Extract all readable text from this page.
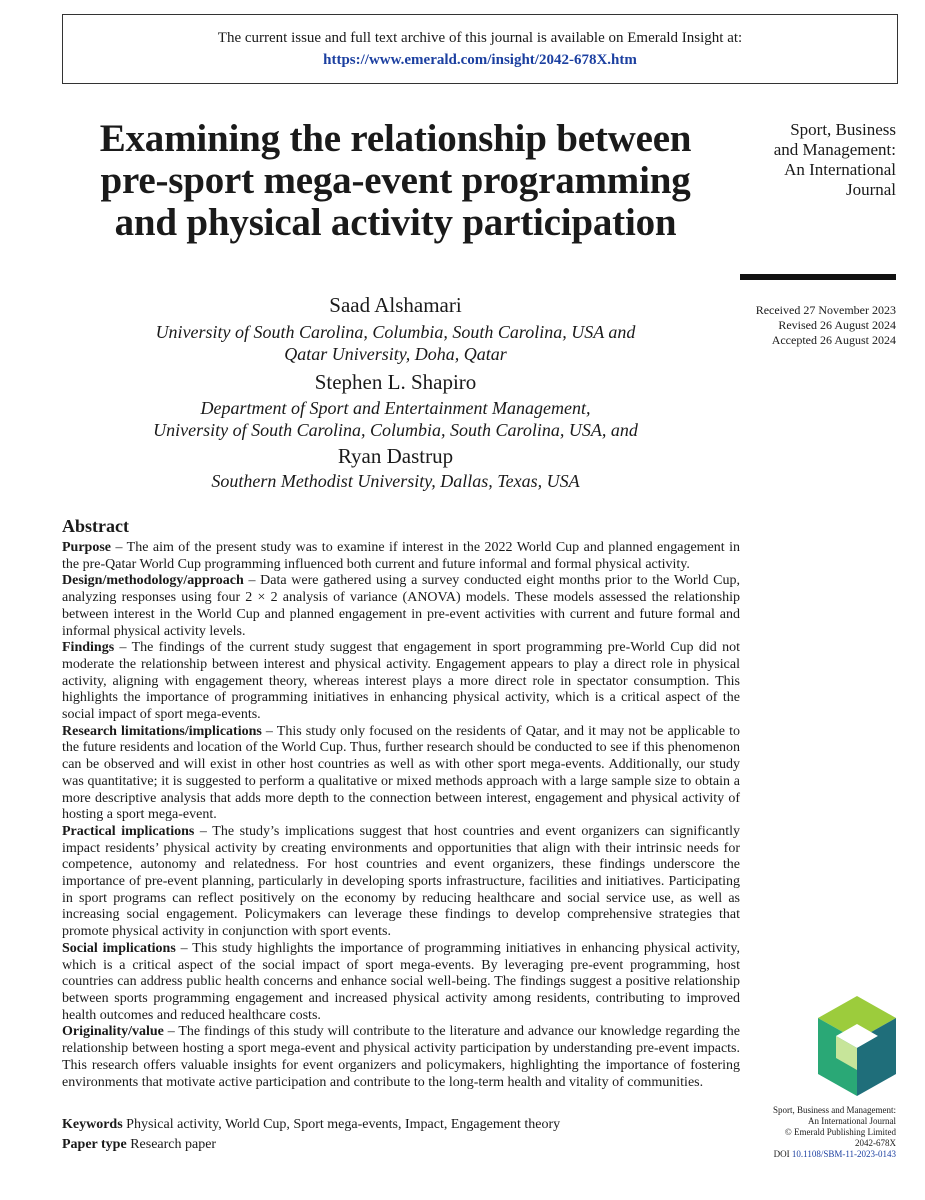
The current issue and full text archive of this journal is available on Emerald Insight at:
https://www.emerald.com/insight/2042-678X.htm
Examining the relationship between pre-sport mega-event programming and physical activity participation
Sport, Business
and Management:
An International
Journal
Received 27 November 2023
Revised 26 August 2024
Accepted 26 August 2024
Saad Alshamari
University of South Carolina, Columbia, South Carolina, USA and
Qatar University, Doha, Qatar
Stephen L. Shapiro
Department of Sport and Entertainment Management,
University of South Carolina, Columbia, South Carolina, USA, and
Ryan Dastrup
Southern Methodist University, Dallas, Texas, USA
Abstract

Purpose – The aim of the present study was to examine if interest in the 2022 World Cup and planned engagement in the pre-Qatar World Cup programming influenced both current and future informal and formal physical activity.

Design/methodology/approach – Data were gathered using a survey conducted eight months prior to the World Cup, analyzing responses using four 2 × 2 analysis of variance (ANOVA) models. These models assessed the relationship between interest in the World Cup and planned engagement in pre-event activities with current and future formal and informal physical activity levels.

Findings – The findings of the current study suggest that engagement in sport programming pre-World Cup did not moderate the relationship between interest and physical activity. Engagement appears to play a direct role in physical activity, aligning with engagement theory, whereas interest plays a more direct role in spectator consumption. This highlights the importance of programming initiatives in enhancing physical activity, which is a critical aspect of the social impact of sport mega-events.

Research limitations/implications – This study only focused on the residents of Qatar, and it may not be applicable to the future residents and location of the World Cup. Thus, further research should be conducted to see if this phenomenon can be observed and will exist in other host countries as well as with other sport mega-events. Additionally, our study was quantitative; it is suggested to perform a qualitative or mixed methods approach with a large sample size to obtain a more descriptive analysis that adds more depth to the connection between interest, engagement and physical activity of hosting a sport mega-event.

Practical implications – The study’s implications suggest that host countries and event organizers can significantly impact residents’ physical activity by creating environments and opportunities that align with their intrinsic needs for competence, autonomy and relatedness. For host countries and event organizers, these findings underscore the importance of pre-event planning, particularly in developing sports infrastructure, facilities and initiatives. Participating in sport programs can reflect positively on the economy by reducing healthcare and social service use, as well as increasing social engagement. Policymakers can leverage these findings to develop comprehensive strategies that promote physical activity in conjunction with sport events.

Social implications – This study highlights the importance of programming initiatives in enhancing physical activity, which is a critical aspect of the social impact of sport mega-events. By leveraging pre-event programming, host countries can address public health concerns and enhance social well-being. The findings suggest a positive relationship between sports programming engagement and increased physical activity among residents, contributing to improved health outcomes and reduced healthcare costs.

Originality/value – The findings of this study will contribute to the literature and advance our knowledge regarding the relationship between hosting a sport mega-event and physical activity participation by understanding pre-event impacts. This research offers valuable insights for event organizers and policymakers, highlighting the importance of fostering environments that motivate active participation and contribute to the long-term health and vitality of communities.

Keywords Physical activity, World Cup, Sport mega-events, Impact, Engagement theory
Paper type Research paper
Sport, Business and Management:
An International Journal
© Emerald Publishing Limited
2042-678X
DOI 10.1108/SBM-11-2023-0143
